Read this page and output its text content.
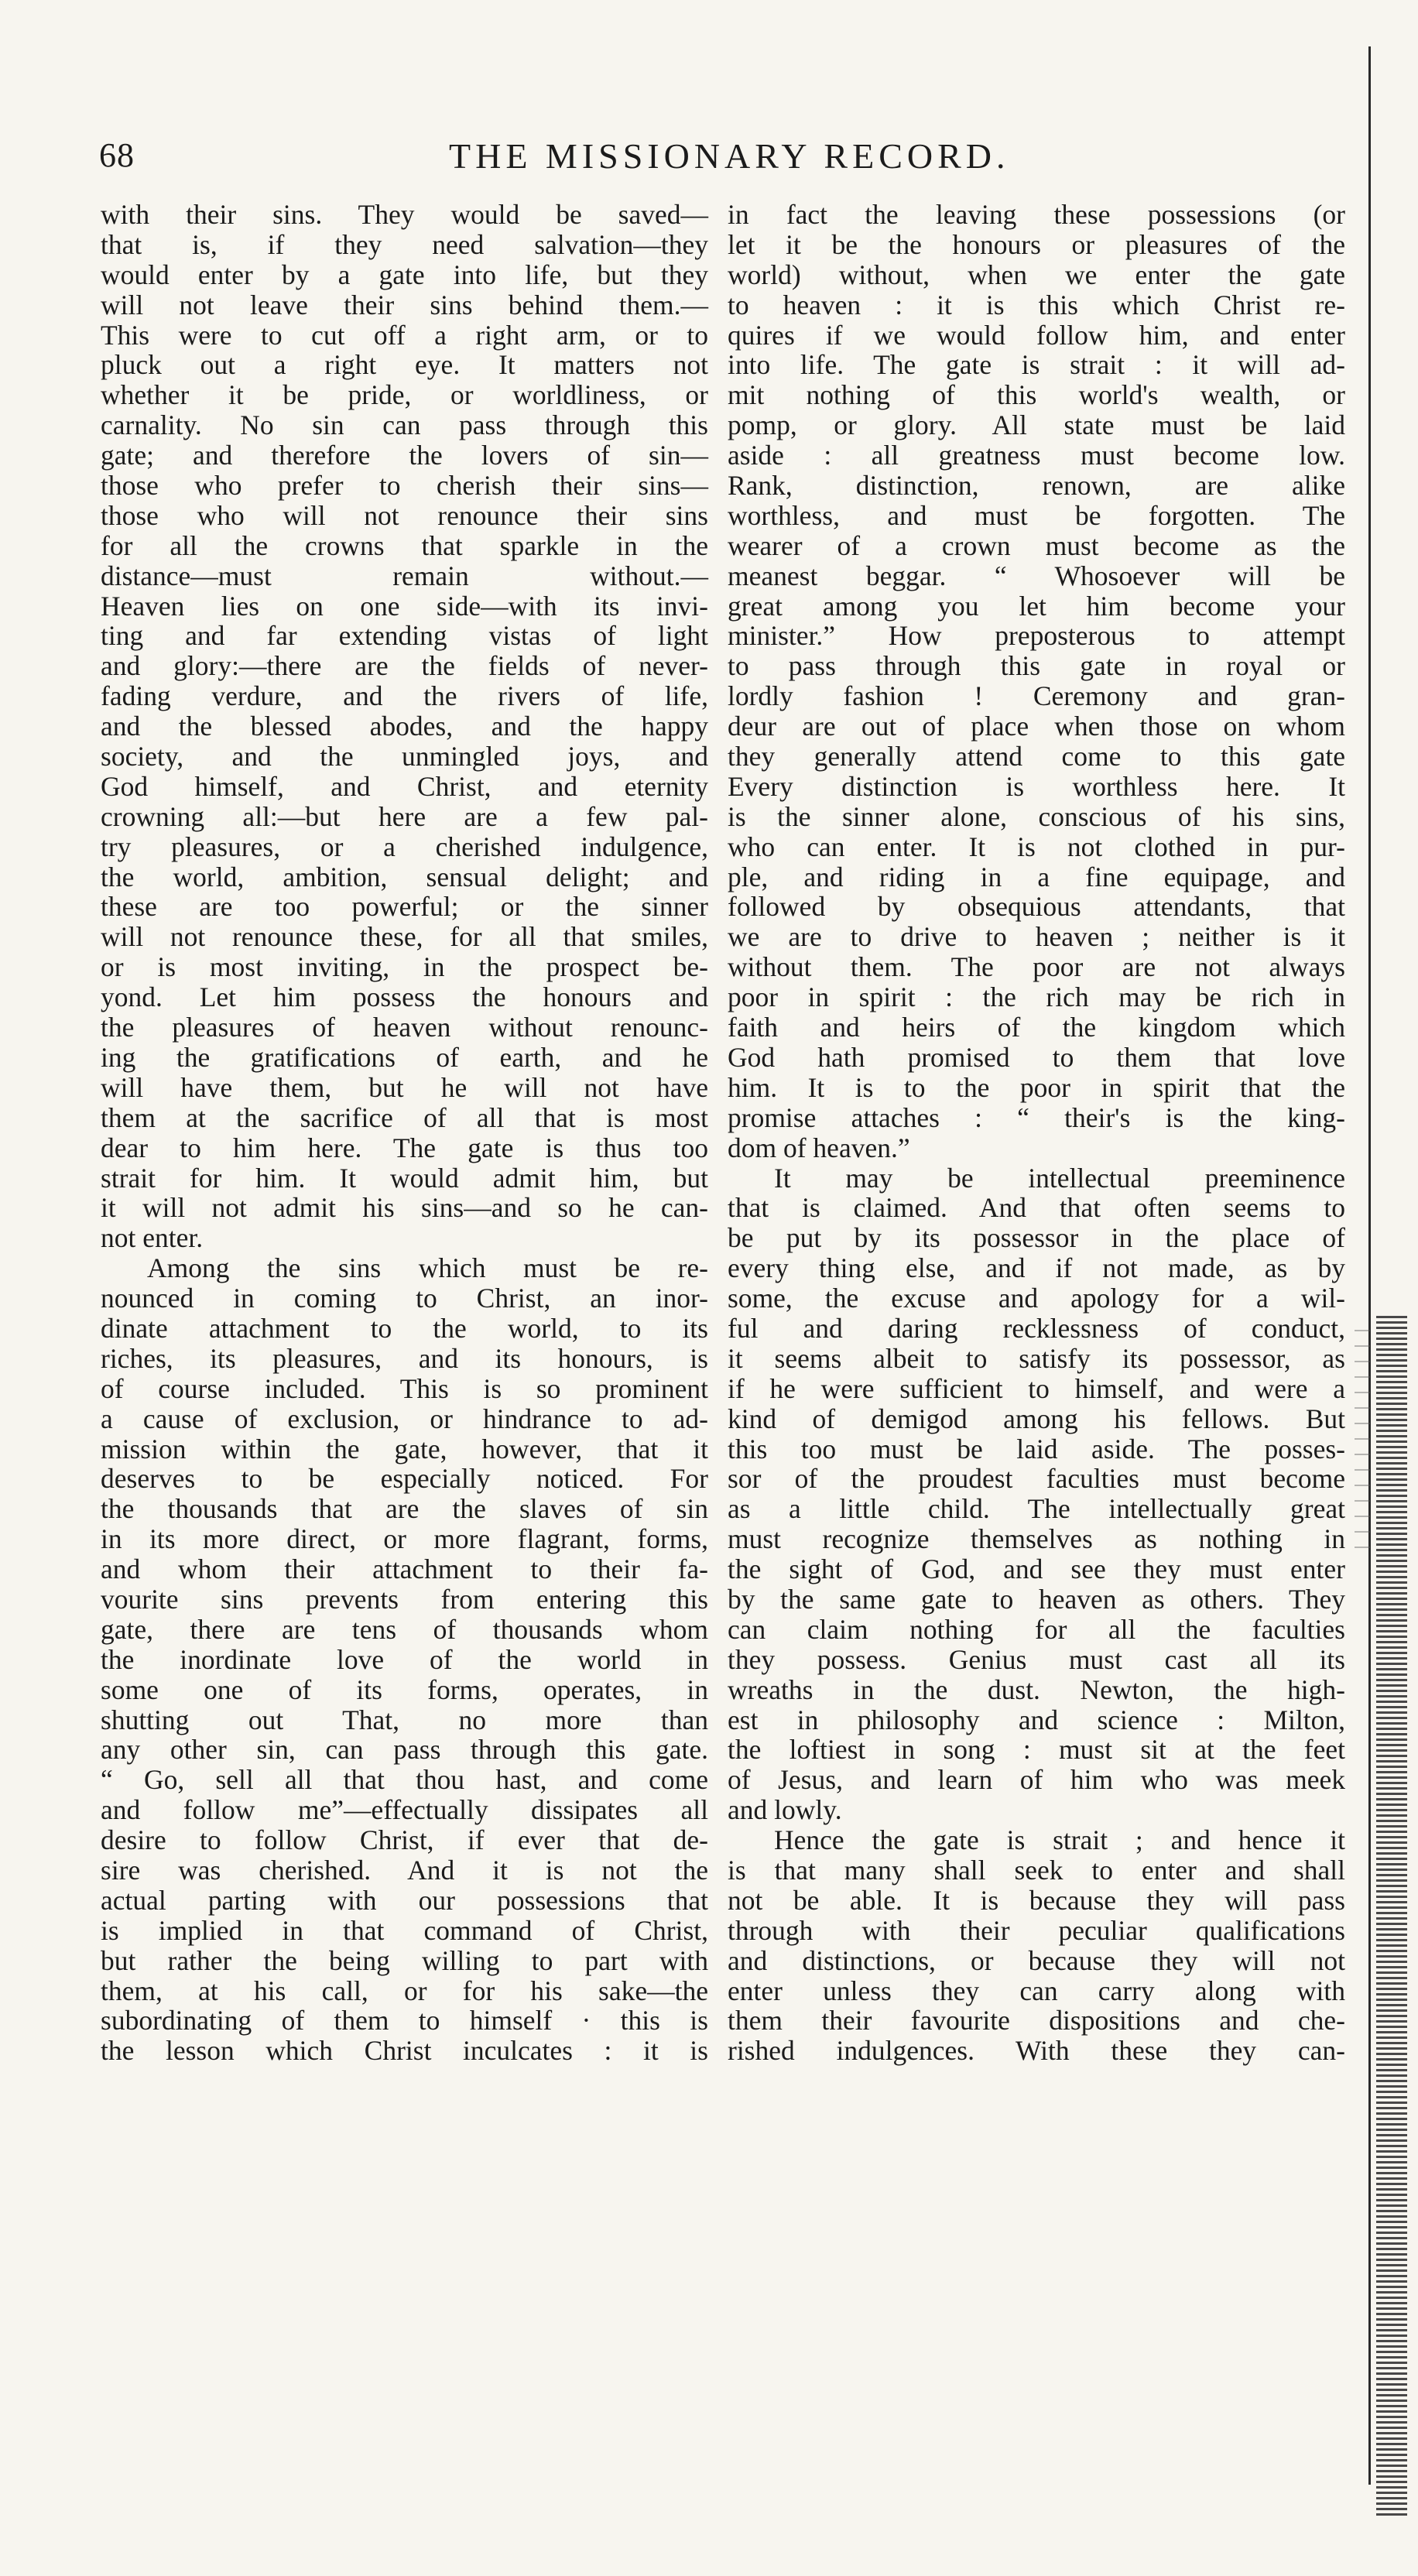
68	THE MISSIONARY RECORD.
with their sins. They would be saved—
that is, if they need salvation—they
would enter by a gate into life, but they
will not leave their sins behind them.—
This were to cut off a right arm, or to
pluck out a right eye. It matters not
whether it be pride, or worldliness, or
carnality. No sin can pass through this
gate; and therefore the lovers of sin—
those who prefer to cherish their sins—
those who will not renounce their sins
for all the crowns that sparkle in the
distance—must remain without.—
Heaven lies on one side—with its invi-
ting and far extending vistas of light
and glory:—there are the fields of never-
fading verdure, and the rivers of life,
and the blessed abodes, and the happy
society, and the unmingled joys, and
God himself, and Christ, and eternity
crowning all:—but here are a few pal-
try pleasures, or a cherished indulgence,
the world, ambition, sensual delight; and
these are too powerful; or the sinner
will not renounce these, for all that smiles,
or is most inviting, in the prospect be-
yond. Let him possess the honours and
the pleasures of heaven without renounc-
ing the gratifications of earth, and he
will have them, but he will not have
them at the sacrifice of all that is most
dear to him here. The gate is thus too
strait for him. It would admit him, but
it will not admit his sins—and so he can-
not enter.
Among the sins which must be re-
nounced in coming to Christ, an inor-
dinate attachment to the world, to its
riches, its pleasures, and its honours, is
of course included. This is so prominent
a cause of exclusion, or hindrance to ad-
mission within the gate, however, that it
deserves to be especially noticed. For
the thousands that are the slaves of sin
in its more direct, or more flagrant, forms,
and whom their attachment to their fa-
vourite sins prevents from entering this
gate, there are tens of thousands whom
the inordinate love of the world in
some one of its forms, operates, in
shutting out That, no more than
any other sin, can pass through this gate.
“ Go, sell all that thou hast, and come
and follow me”—effectually dissipates all
desire to follow Christ, if ever that de-
sire was cherished. And it is not the
actual parting with our possessions that
is implied in that command of Christ,
but rather the being willing to part with
them, at his call, or for his sake—the
subordinating of them to himself · this is
the lesson which Christ inculcates : it is
in fact the leaving these possessions (or
let it be the honours or pleasures of the
world) without, when we enter the gate
to heaven : it is this which Christ re-
quires if we would follow him, and enter
into life. The gate is strait : it will ad-
mit nothing of this world's wealth, or
pomp, or glory. All state must be laid
aside : all greatness must become low.
Rank, distinction, renown, are alike
worthless, and must be forgotten. The
wearer of a crown must become as the
meanest beggar. “ Whosoever will be
great among you let him become your
minister.” How preposterous to attempt
to pass through this gate in royal or
lordly fashion ! Ceremony and gran-
deur are out of place when those on whom
they generally attend come to this gate
Every distinction is worthless here. It
is the sinner alone, conscious of his sins,
who can enter. It is not clothed in pur-
ple, and riding in a fine equipage, and
followed by obsequious attendants, that
we are to drive to heaven ; neither is it
without them. The poor are not always
poor in spirit : the rich may be rich in
faith and heirs of the kingdom which
God hath promised to them that love
him. It is to the poor in spirit that the
promise attaches : “ their's is the king-
dom of heaven.”
It may be intellectual preeminence
that is claimed. And that often seems to
be put by its possessor in the place of
every thing else, and if not made, as by
some, the excuse and apology for a wil-
ful and daring recklessness of conduct,
it seems albeit to satisfy its possessor, as
if he were sufficient to himself, and were a
kind of demigod among his fellows. But
this too must be laid aside. The posses-
sor of the proudest faculties must become
as a little child. The intellectually great
must recognize themselves as nothing in
the sight of God, and see they must enter
by the same gate to heaven as others. They
can claim nothing for all the faculties
they possess. Genius must cast all its
wreaths in the dust. Newton, the high-
est in philosophy and science : Milton,
the loftiest in song : must sit at the feet
of Jesus, and learn of him who was meek
and lowly.
Hence the gate is strait ; and hence it
is that many shall seek to enter and shall
not be able. It is because they will pass
through with their peculiar qualifications
and distinctions, or because they will not
enter unless they can carry along with
them their favourite dispositions and che-
rished indulgences. With these they can-
